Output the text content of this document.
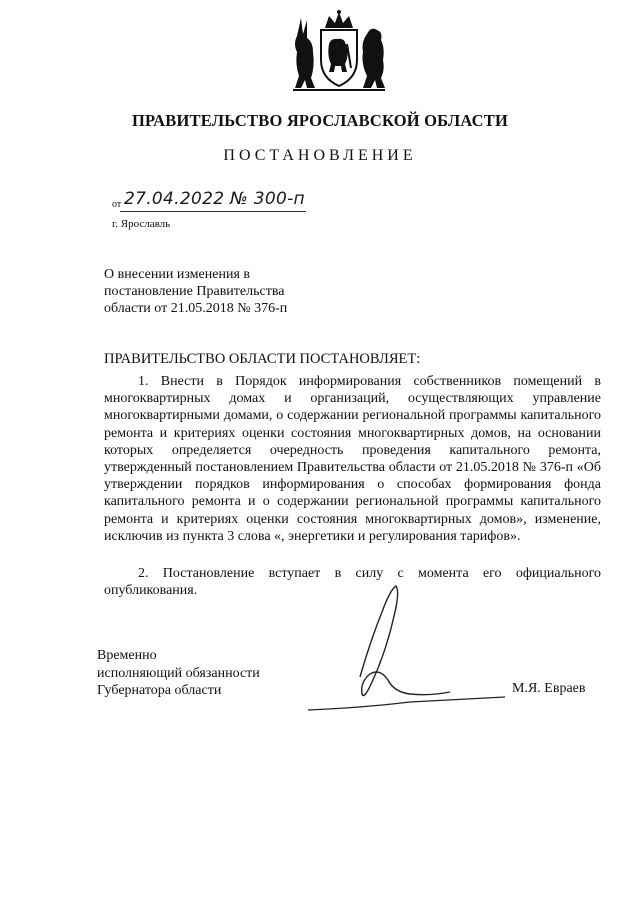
ПРАВИТЕЛЬСТВО ЯРОСЛАВСКОЙ ОБЛАСТИ
ПОСТАНОВЛЕНИЕ
от 27.04.2022 № 300-п
г. Ярославль
О внесении изменения в постановление Правительства области от 21.05.2018 № 376-п
ПРАВИТЕЛЬСТВО ОБЛАСТИ ПОСТАНОВЛЯЕТ:
1. Внести в Порядок информирования собственников помещений в многоквартирных домах и организаций, осуществляющих управление многоквартирными домами, о содержании региональной программы капитального ремонта и критериях оценки состояния многоквартирных домов, на основании которых определяется очередность проведения капитального ремонта, утвержденный постановлением Правительства области от 21.05.2018 № 376-п «Об утверждении порядков информирования о способах формирования фонда капитального ремонта и о содержании региональной программы капитального ремонта и критериях оценки состояния многоквартирных домов», изменение, исключив из пункта 3 слова «, энергетики и регулирования тарифов».
2. Постановление вступает в силу с момента его официального опубликования.
Временно
исполняющий обязанности
Губернатора области	М.Я. Евраев
